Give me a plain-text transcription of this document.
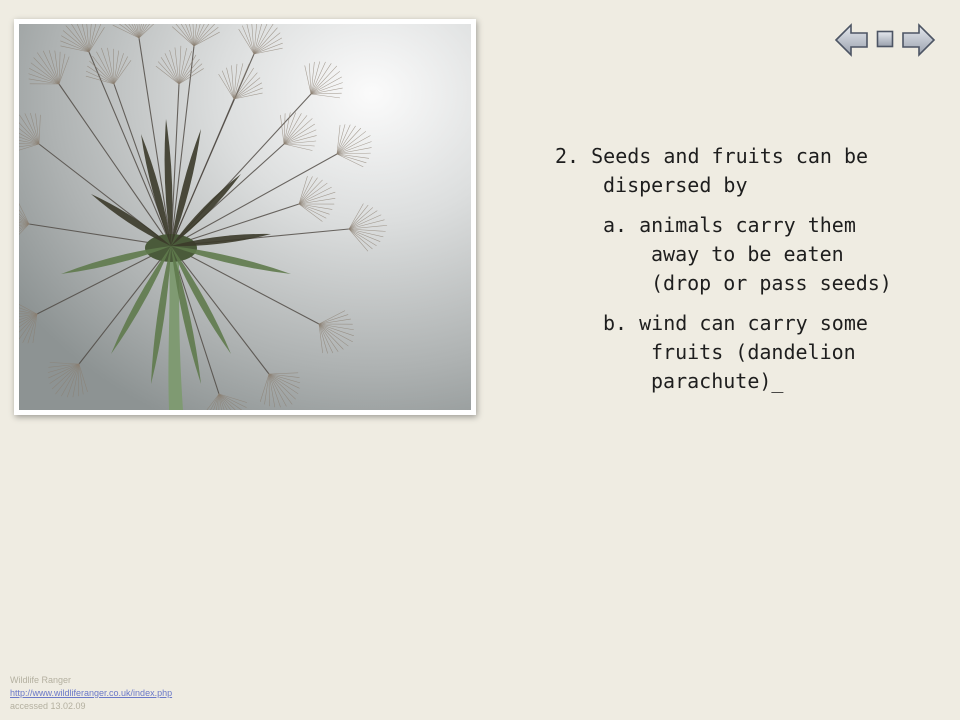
2. Seeds and fruits can be dispersed by
a. animals carry them away to be eaten (drop or pass seeds)
b. wind can carry some fruits (dandelion parachute)_
Wildlife Ranger
http://www.wildliferanger.co.uk/index.php
accessed 13.02.09
